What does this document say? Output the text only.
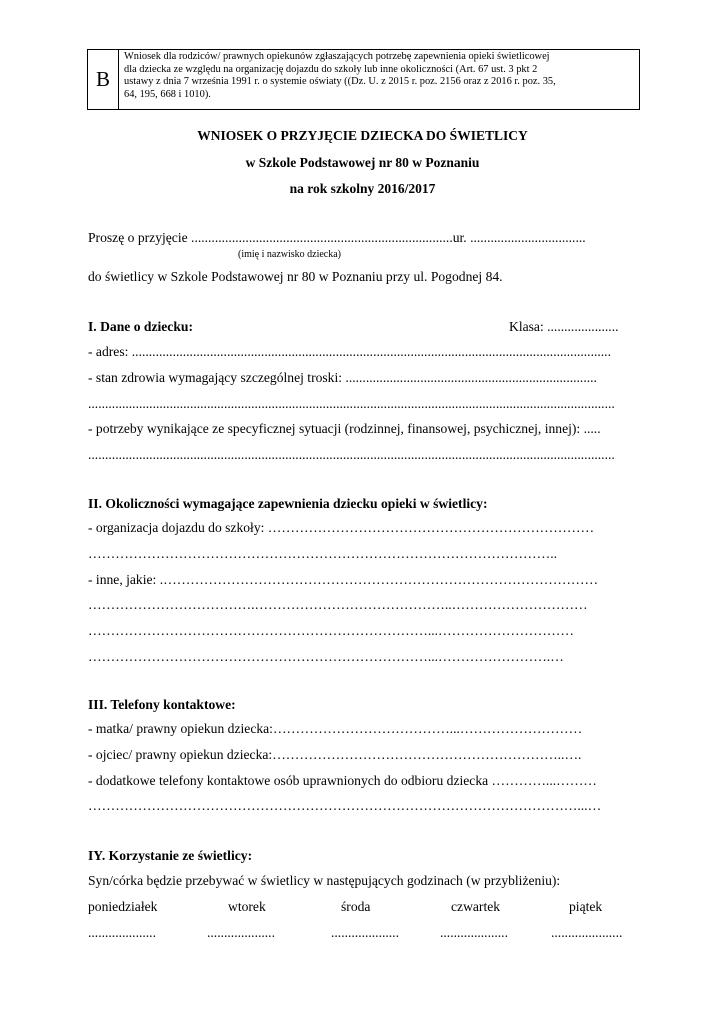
B
Wniosek dla rodziców/ prawnych opiekunów zgłaszających potrzebę zapewnienia opieki świetlicowej
dla dziecka ze względu na organizację dojazdu do szkoły lub inne okoliczności (Art. 67 ust. 3 pkt 2
ustawy z dnia 7 września 1991 r. o systemie oświaty ((Dz. U. z 2015 r. poz. 2156 oraz z 2016 r. poz. 35,
64, 195, 668 i 1010).
WNIOSEK O PRZYJĘCIE DZIECKA DO ŚWIETLICY
w Szkole Podstawowej nr 80 w Poznaniu
na rok szkolny 2016/2017
Proszę o przyjęcie .............................................................................ur. ..................................
(imię i nazwisko dziecka)
do świetlicy w Szkole Podstawowej nr 80 w Poznaniu przy ul. Pogodnej 84.
I. Dane o dziecku:	Klasa: .....................
- adres: .............................................................................................................................................
- stan zdrowia wymagający szczególnej troski: ..........................................................................
...........................................................................................................................................................
- potrzeby wynikające ze specyficznej sytuacji (rodzinnej, finansowej, psychicznej, innej): .....
...........................................................................................................................................................
II. Okoliczności wymagające zapewnienia dziecku opieki w świetlicy:
- organizacja dojazdu do szkoły: ………………………………………………………………
…………………………………………………………………………………………..
- inne, jakie: .……………………………………………………………………………………
……………………………….……………………………………..…………………………
…………………………………………………………………...…………………………
…………………………………………………………………...…………………….…
III. Telefony kontaktowe:
- matka/ prawny opiekun dziecka:…………………………………...………………………
- ojciec/ prawny opiekun dziecka:………………………………………………………..….
- dodatkowe telefony kontaktowe osób uprawnionych do odbioru dziecka …………...………
………………………………………………………………………………………………...…
IY. Korzystanie ze świetlicy:
Syn/córka będzie przebywać w świetlicy w następujących godzinach (w przybliżeniu):
poniedziałek	wtorek	środa	czwartek	piątek
....................	....................	....................	....................	.....................
